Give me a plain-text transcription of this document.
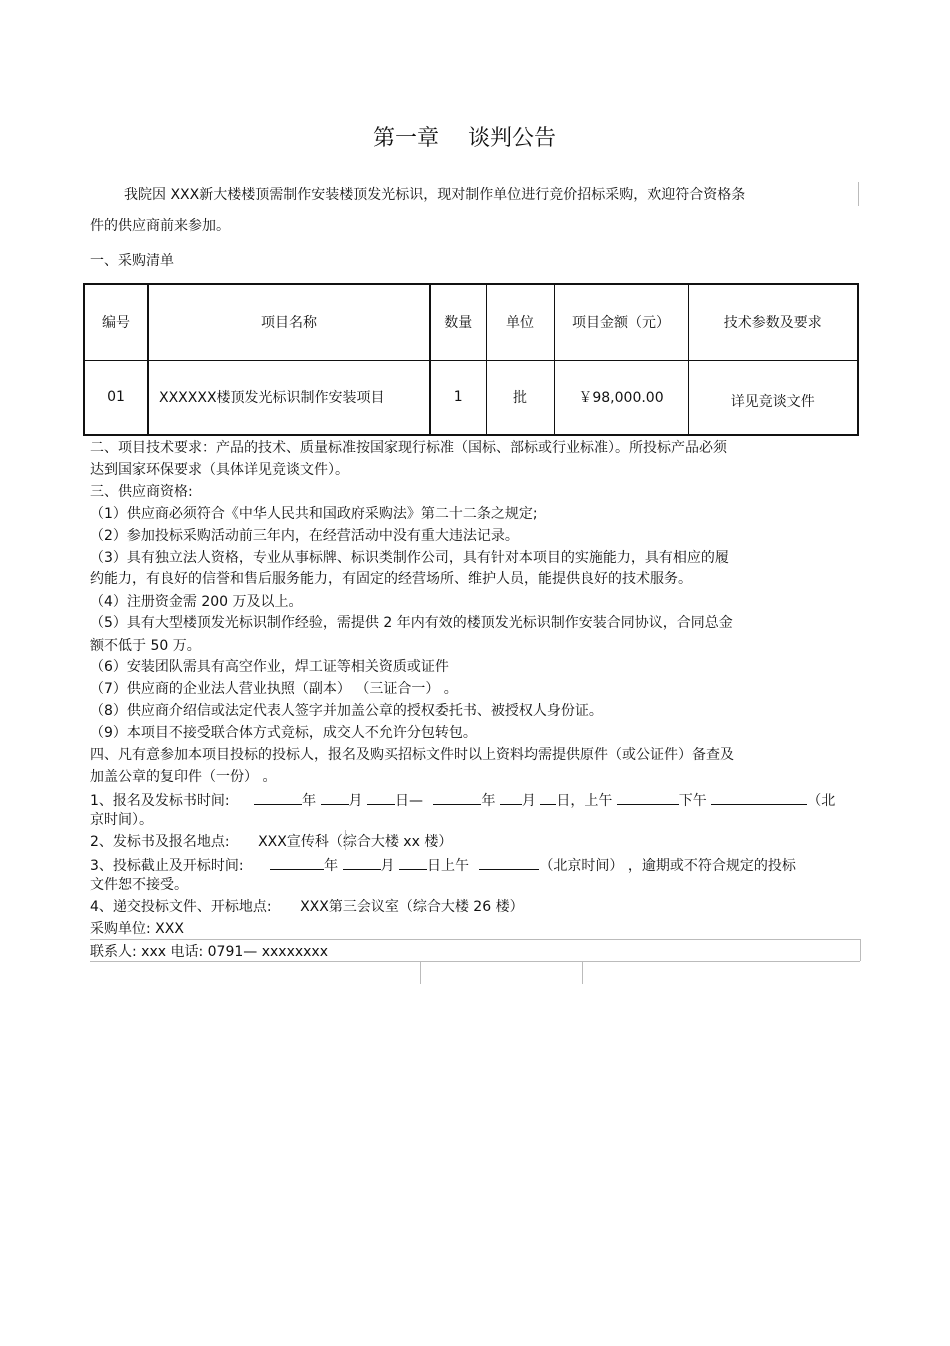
第一章　 谈判公告
我院因 XXX新大楼楼顶需制作安装楼顶发光标识，现对制作单位进行竞价招标采购，欢迎符合资格条
件的供应商前来参加。
一、采购清单
编号	项目名称	数量	单位	项目金额（元）	技术参数及要求
01	XXXXXX楼顶发光标识制作安装项目	1	批	￥98,000.00	详见竞谈文件
二、项目技术要求：产品的技术、质量标准按国家现行标准（国标、部标或行业标准）。所投标产品必须
达到国家环保要求（具体详见竞谈文件）。
三、供应商资格:
（1）供应商必须符合《中华人民共和国政府采购法》第二十二条之规定;
（2）参加投标采购活动前三年内，在经营活动中没有重大违法记录。
（3）具有独立法人资格，专业从事标牌、标识类制作公司，具有针对本项目的实施能力，具有相应的履
约能力，有良好的信誉和售后服务能力，有固定的经营场所、维护人员，能提供良好的技术服务。
（4）注册资金需 200 万及以上。
（5）具有大型楼顶发光标识制作经验，需提供 2 年内有效的楼顶发光标识制作安装合同协议，合同总金
额不低于 50 万。
（6）安装团队需具有高空作业，焊工证等相关资质或证件
（7）供应商的企业法人营业执照（副本） （三证合一） 。
（8）供应商介绍信或法定代表人签字并加盖公章的授权委托书、被授权人身份证。
（9）本项目不接受联合体方式竞标，成交人不允许分包转包。
四、凡有意参加本项目投标的投标人，报名及购买招标文件时以上资料均需提供原件（或公证件）备查及
加盖公章的复印件（一份） 。
1、报名及发标书时间:	年 月 日—	年 月 日，上午	下午	（北
京时间）。
2、发标书及报名地点: XXX宣传科（综合大楼 xx 楼）
3、投标截止及开标时间:	年	月 日上午	（北京时间） ，逾期或不符合规定的投标
文件恕不接受。
4、递交投标文件、开标地点: XXX第三会议室（综合大楼 26 楼）
采购单位: XXX
联系人: xxx 电话: 0791— xxxxxxxx
